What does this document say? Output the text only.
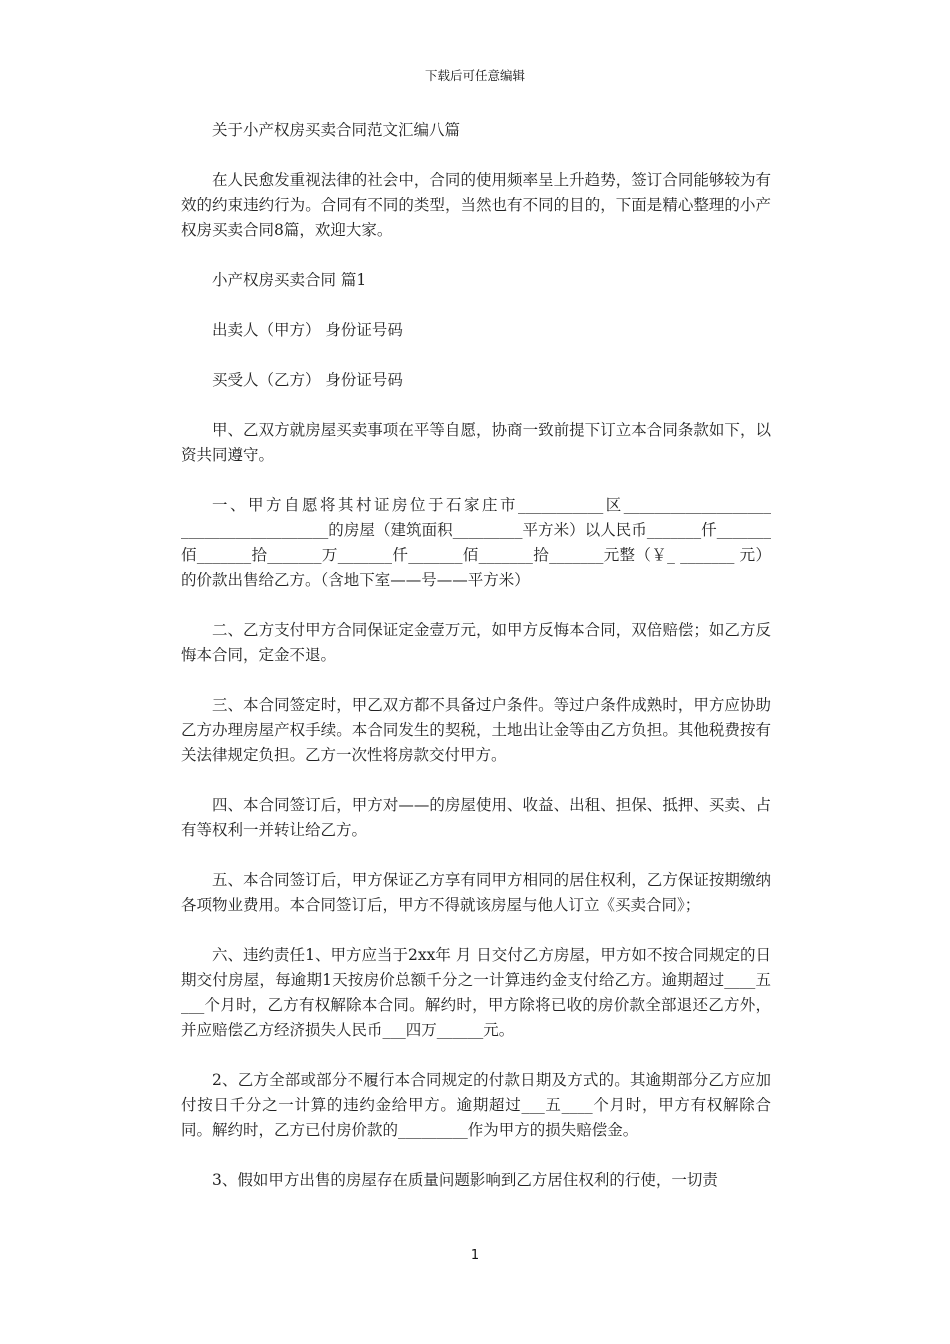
下载后可任意编辑

关于小产权房买卖合同范文汇编八篇

在人民愈发重视法律的社会中，合同的使用频率呈上升趋势，签订合同能够较为有效的约束违约行为。合同有不同的类型，当然也有不同的目的，下面是精心整理的小产权房买卖合同8篇，欢迎大家。

小产权房买卖合同 篇1

出卖人（甲方） 身份证号码

买受人（乙方） 身份证号码

甲、乙双方就房屋买卖事项在平等自愿，协商一致前提下订立本合同条款如下，以资共同遵守。

一、甲方自愿将其村证房位于石家庄市___________区___________________ ___________________的房屋（建筑面积_________平方米）以人民币_______仟_______佰_______拾_______万_______仟_______佰_______拾_______元整（￥_ _______ 元）的价款出售给乙方。（含地下室——号——平方米）

二、乙方支付甲方合同保证定金壹万元，如甲方反悔本合同，双倍赔偿；如乙方反悔本合同，定金不退。

三、本合同签定时，甲乙双方都不具备过户条件。等过户条件成熟时，甲方应协助乙方办理房屋产权手续。本合同发生的契税，土地出让金等由乙方负担。其他税费按有关法律规定负担。乙方一次性将房款交付甲方。

四、本合同签订后，甲方对——的房屋使用、收益、出租、担保、抵押、买卖、占有等权利一并转让给乙方。

五、本合同签订后，甲方保证乙方享有同甲方相同的居住权利，乙方保证按期缴纳各项物业费用。本合同签订后，甲方不得就该房屋与他人订立《买卖合同》；

六、违约责任1、甲方应当于2xx年 月 日交付乙方房屋，甲方如不按合同规定的日期交付房屋，每逾期1天按房价总额千分之一计算违约金支付给乙方。逾期超过____五___个月时，乙方有权解除本合同。解约时，甲方除将已收的房价款全部退还乙方外，并应赔偿乙方经济损失人民币___四万______元。

2、乙方全部或部分不履行本合同规定的付款日期及方式的。其逾期部分乙方应加付按日千分之一计算的违约金给甲方。逾期超过___五____个月时，甲方有权解除合同。解约时，乙方已付房价款的_________作为甲方的损失赔偿金。

3、假如甲方出售的房屋存在质量问题影响到乙方居住权利的行使，一切责

1
